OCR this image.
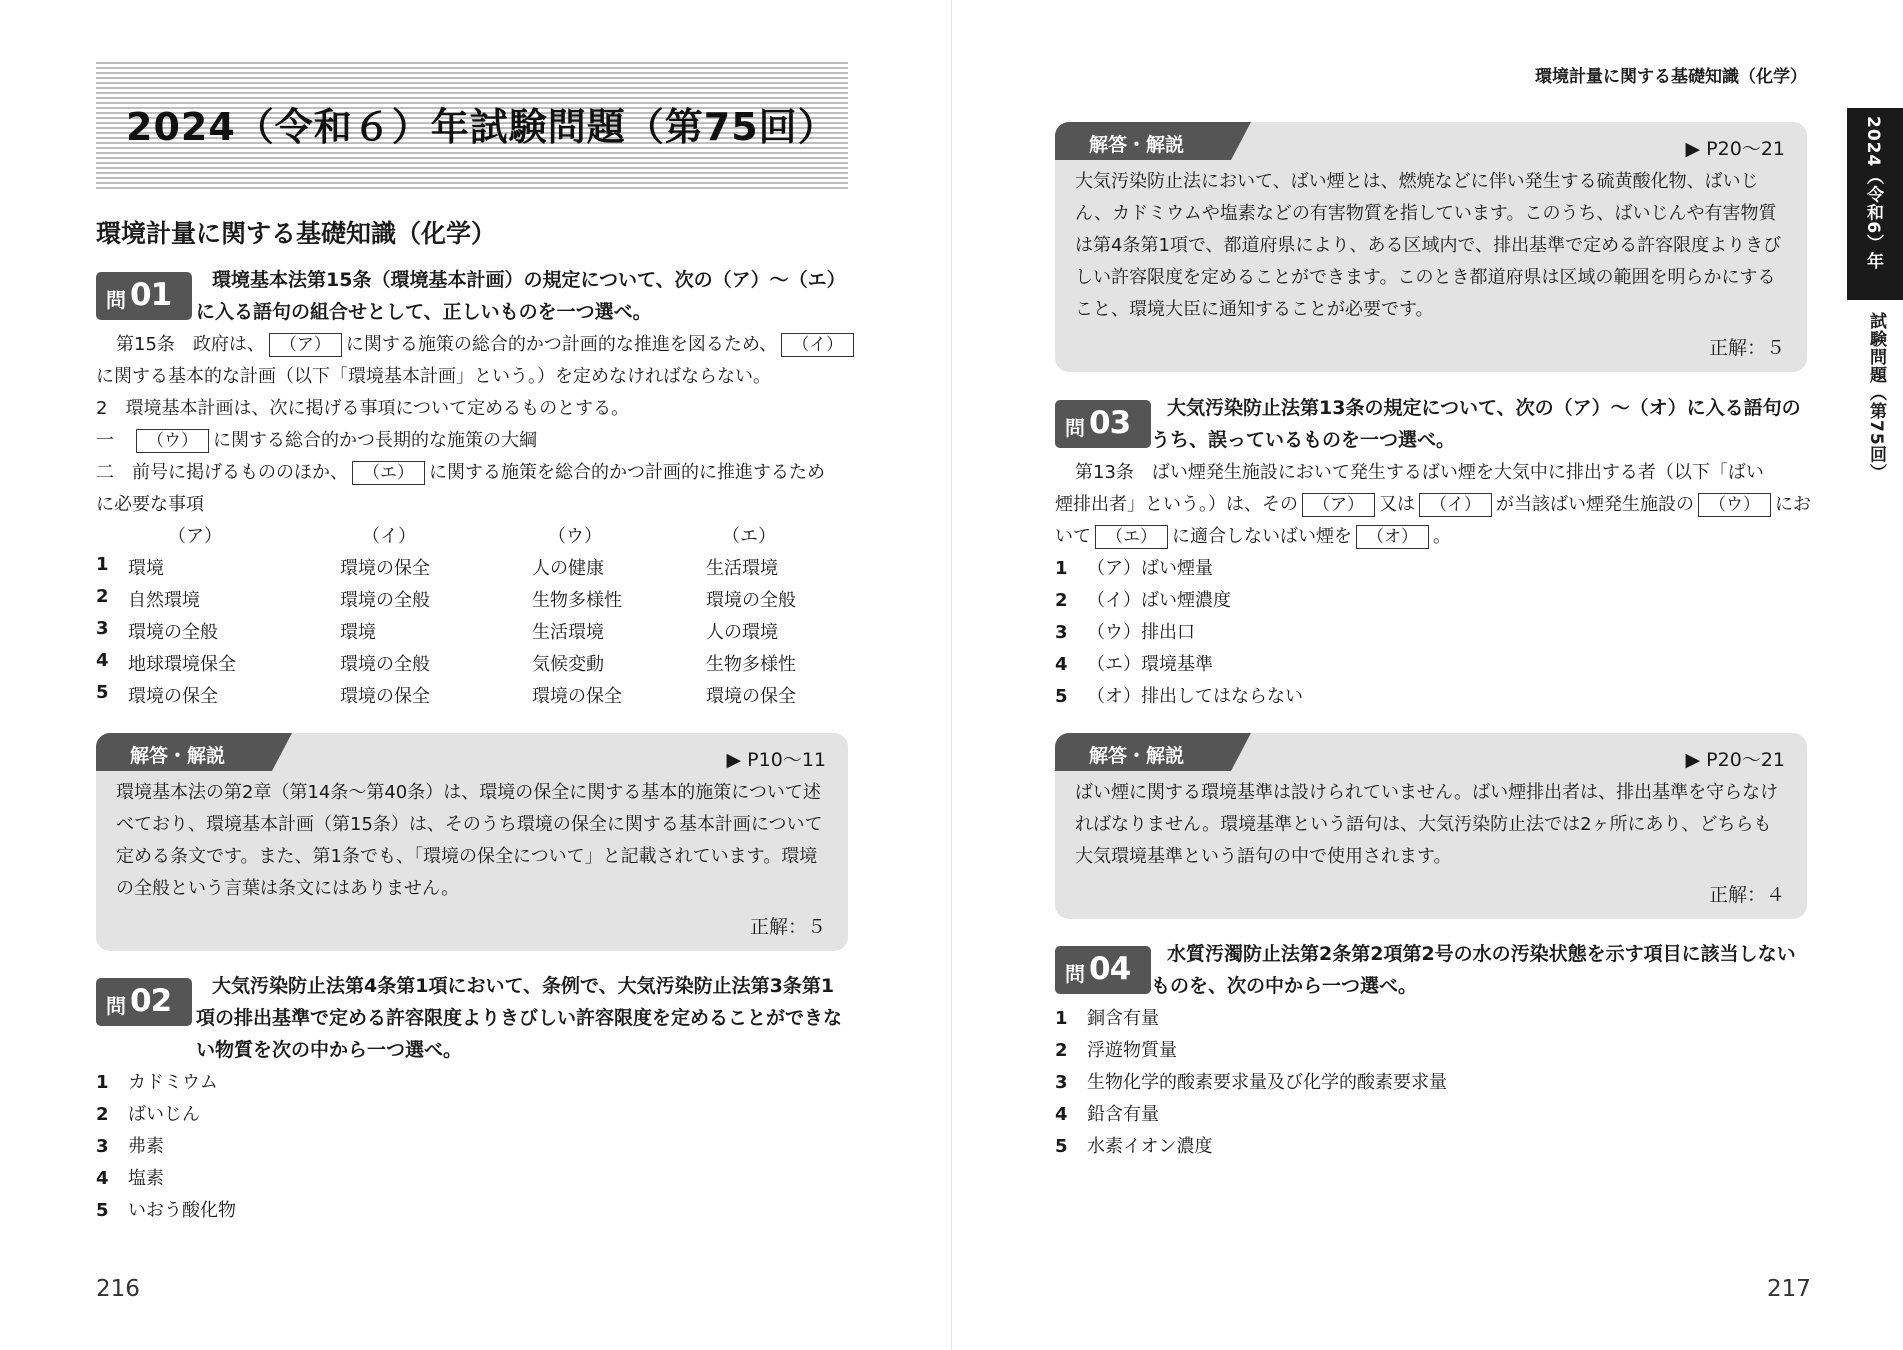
2024（令和６）年試験問題（第75回）
環境計量に関する基礎知識（化学）
問 01	環境基本法第15条（環境基本計画）の規定について、次の（ア）～（エ）に入る語句の組合せとして、正しいものを一つ選べ。
第15条　政府は、 （ア） に関する施策の総合的かつ計画的な推進を図るため、 （イ）
に関する基本的な計画（以下「環境基本計画」という。）を定めなければならない。
2　環境基本計画は、次に掲げる事項について定めるものとする。
一　（ウ） に関する総合的かつ長期的な施策の大綱
二　前号に掲げるもののほか、 （エ） に関する施策を総合的かつ計画的に推進するため
に必要な事項
（ア）	（イ）	（ウ）	（エ）
1	環境	環境の保全	人の健康	生活環境
2	自然環境	環境の全般	生物多様性	環境の全般
3	環境の全般	環境	生活環境	人の環境
4	地球環境保全	環境の全般	気候変動	生物多様性
5	環境の保全	環境の保全	環境の保全	環境の保全
解答・解説	▶ P10～11
環境基本法の第2章（第14条～第40条）は、環境の保全に関する基本的施策について述べており、環境基本計画（第15条）は、そのうち環境の保全に関する基本計画について定める条文です。また、第1条でも、「環境の保全について」と記載されています。環境の全般という言葉は条文にはありません。
正解：５
問 02	大気汚染防止法第4条第1項において、条例で、大気汚染防止法第3条第1項の排出基準で定める許容限度よりきびしい許容限度を定めることができない物質を次の中から一つ選べ。
1 カドミウム
2 ばいじん
3 弗素
4 塩素
5 いおう酸化物
216
環境計量に関する基礎知識（化学）
2024（令和6）年
試験問題（第75回）
解答・解説	▶ P20～21
大気汚染防止法において、ばい煙とは、燃焼などに伴い発生する硫黄酸化物、ばいじん、カドミウムや塩素などの有害物質を指しています。このうち、ばいじんや有害物質は第4条第1項で、都道府県により、ある区域内で、排出基準で定める許容限度よりきびしい許容限度を定めることができます。このとき都道府県は区域の範囲を明らかにすること、環境大臣に通知することが必要です。
正解：５
問 03	大気汚染防止法第13条の規定について、次の（ア）～（オ）に入る語句のうち、誤っているものを一つ選べ。
第13条　ばい煙発生施設において発生するばい煙を大気中に排出する者（以下「ばい
煙排出者」という。）は、その （ア） 又は （イ） が当該ばい煙発生施設の （ウ） にお
いて （エ） に適合しないばい煙を （オ） 。
1 （ア）ばい煙量
2 （イ）ばい煙濃度
3 （ウ）排出口
4 （エ）環境基準
5 （オ）排出してはならない
解答・解説	▶ P20～21
ばい煙に関する環境基準は設けられていません。ばい煙排出者は、排出基準を守らなければなりません。環境基準という語句は、大気汚染防止法では2ヶ所にあり、どちらも大気環境基準という語句の中で使用されます。
正解：４
問 04	水質汚濁防止法第2条第2項第2号の水の汚染状態を示す項目に該当しないものを、次の中から一つ選べ。
1 銅含有量
2 浮遊物質量
3 生物化学的酸素要求量及び化学的酸素要求量
4 鉛含有量
5 水素イオン濃度
217
